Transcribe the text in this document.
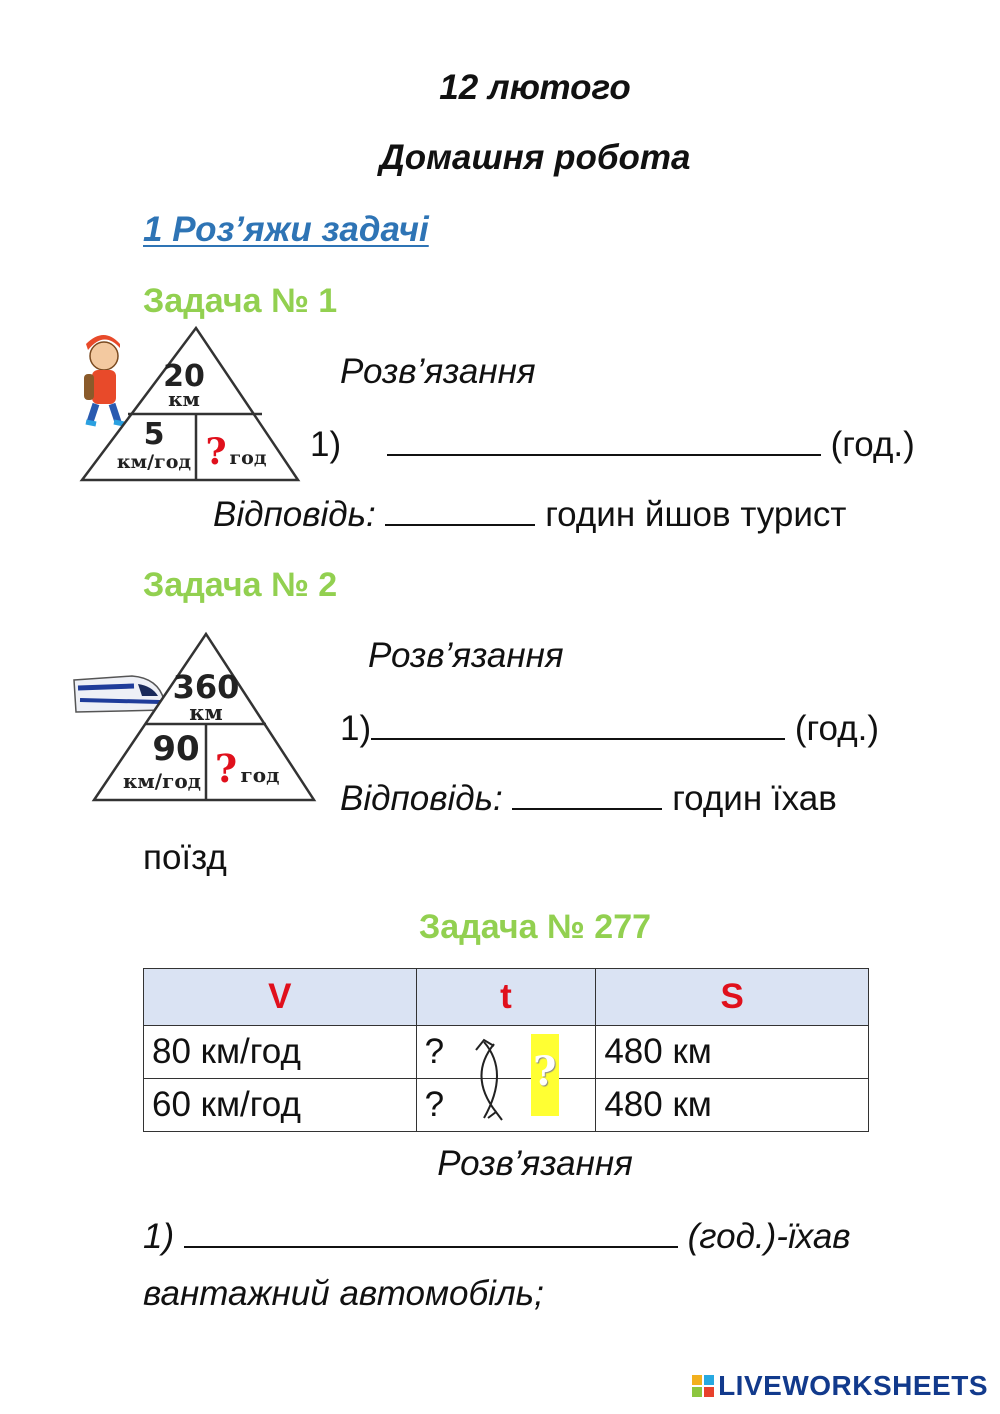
12 лютого
Домашня робота
1 Роз’яжи задачі
Задача № 1
20
км
5
км/год ? год
Розв’язання
1)	(год.)
Відповідь:	годин йшов турист
Задача № 2
360
км
90
км/год ? год
Розв’язання
1)	(год.)
Відповідь:	годин їхав
поїзд
Задача № 277
V	t	S
80 км/год	?	480 км
60 км/год	?	480 км
?
Розв’язання
1)	(год.)-їхав
вантажний автомобіль;
LIVEWORKSHEETS
